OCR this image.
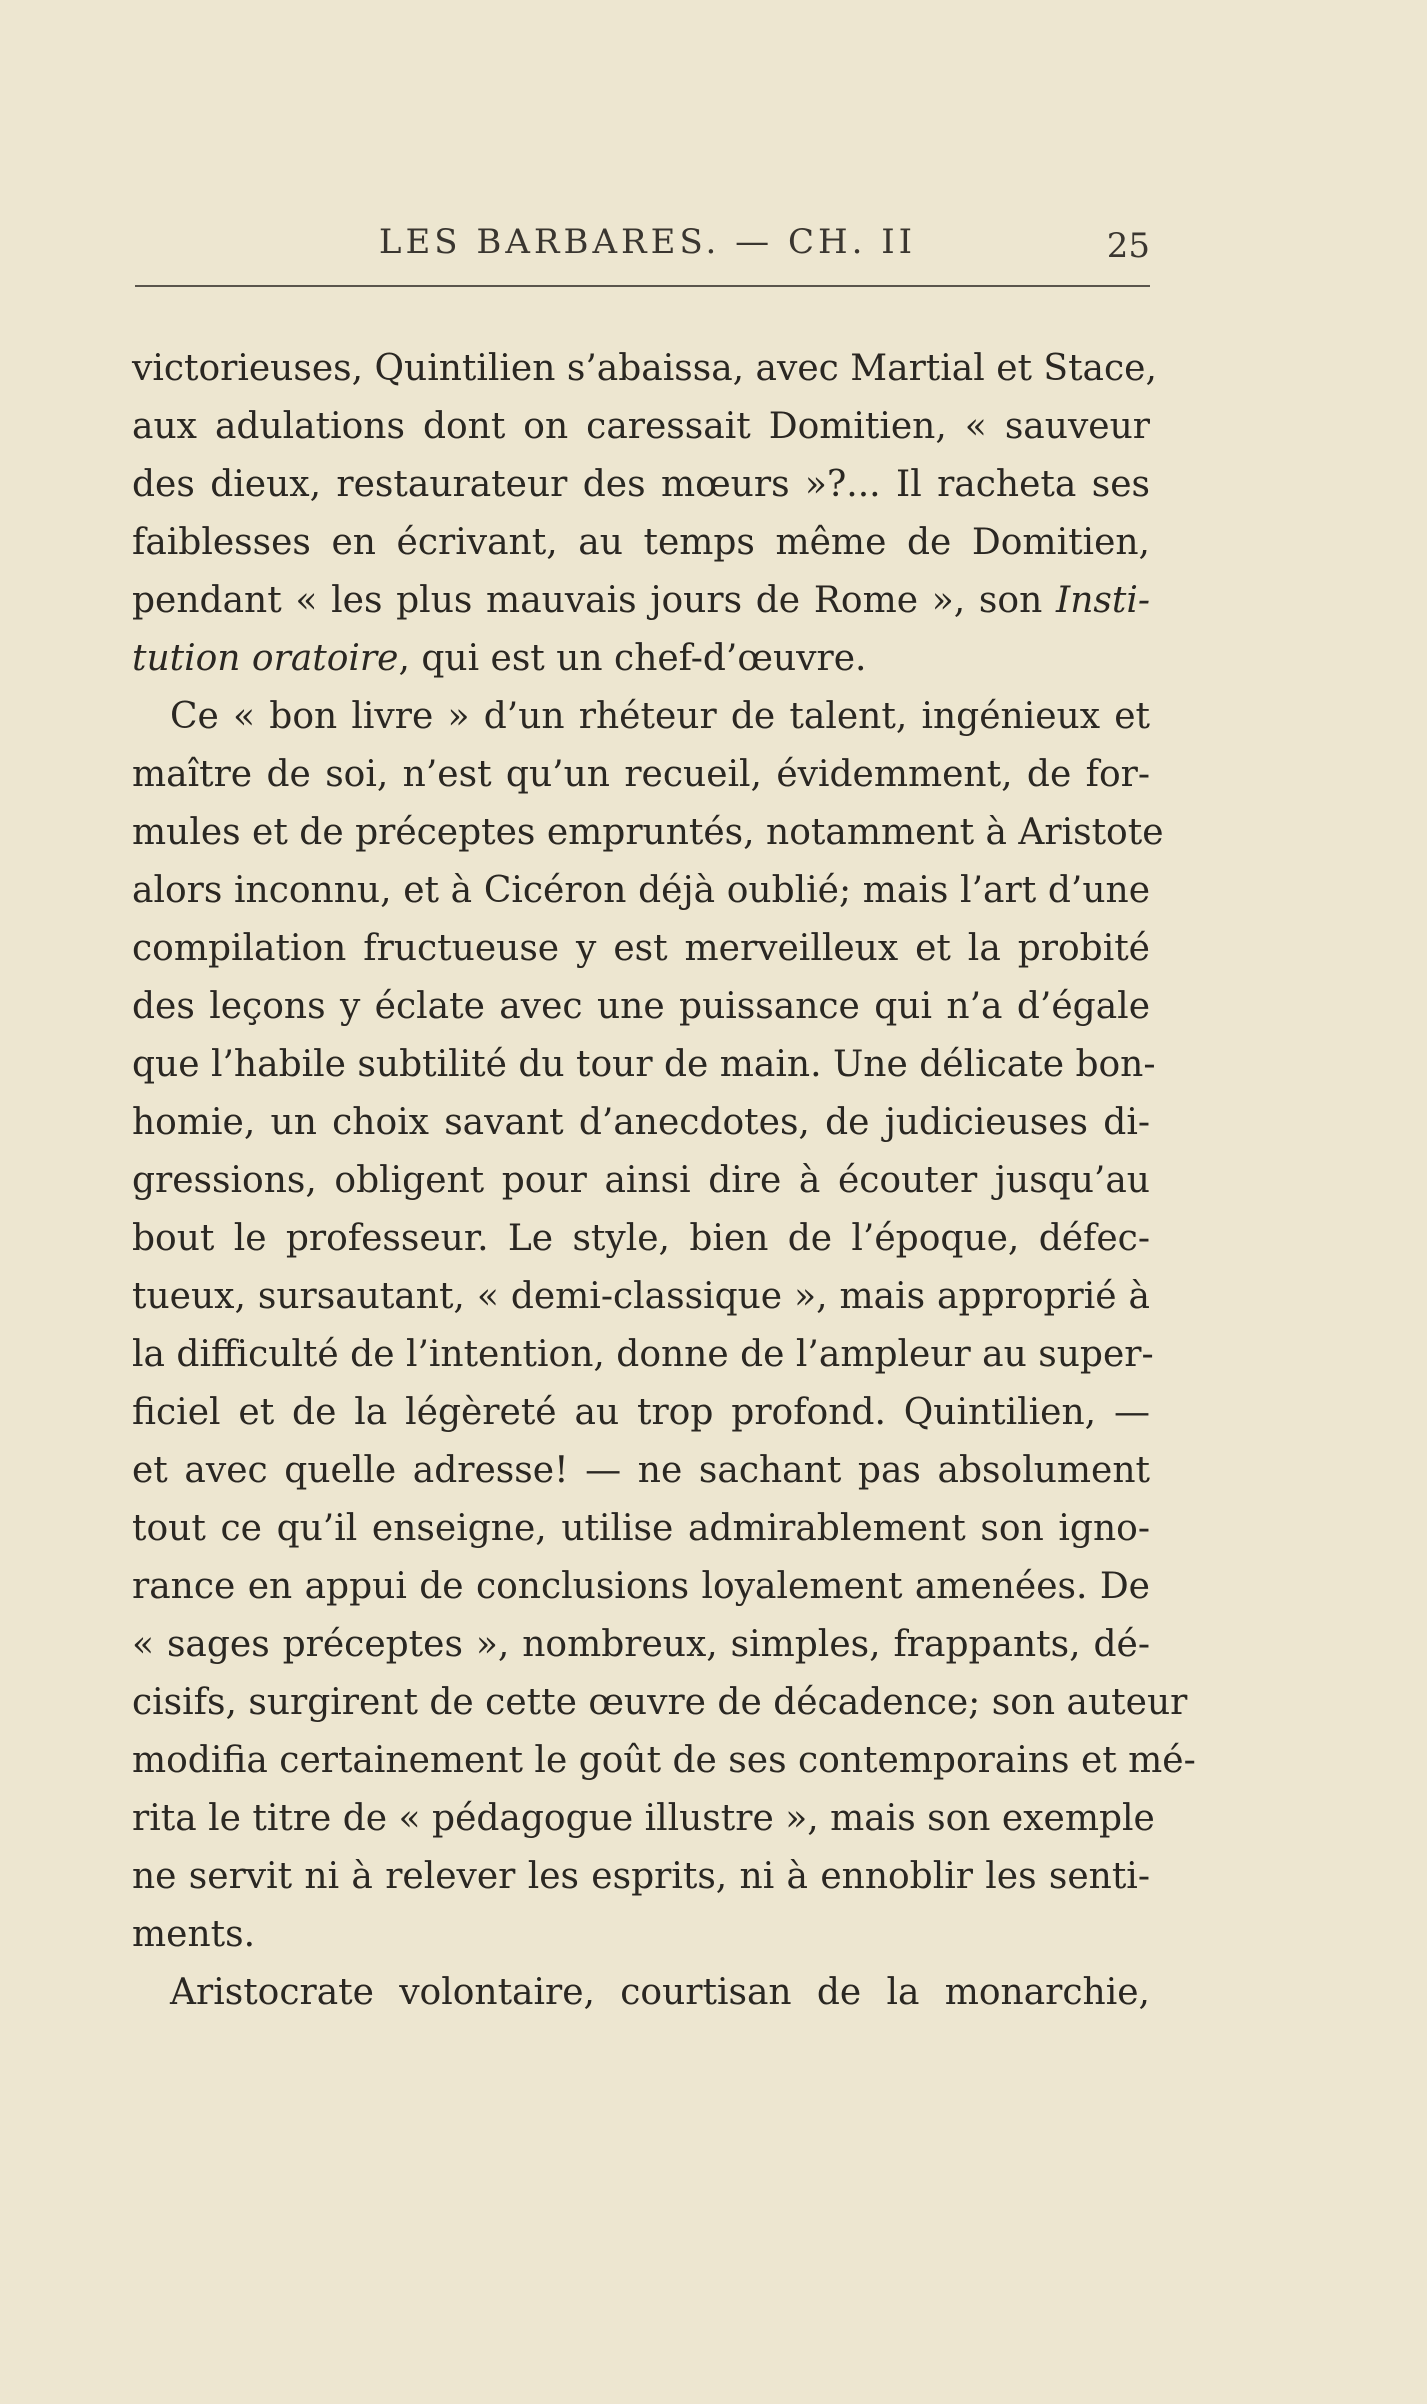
LES BARBARES. — CH. II	25
victorieuses, Quintilien s’abaissa, avec Martial et Stace,
aux adulations dont on caressait Domitien, « sauveur
des dieux, restaurateur des mœurs »?... Il racheta ses
faiblesses en écrivant, au temps même de Domitien,
pendant « les plus mauvais jours de Rome », son Insti-
tution oratoire, qui est un chef-d’œuvre.
Ce « bon livre » d’un rhéteur de talent, ingénieux et
maître de soi, n’est qu’un recueil, évidemment, de for-
mules et de préceptes empruntés, notamment à Aristote
alors inconnu, et à Cicéron déjà oublié; mais l’art d’une
compilation fructueuse y est merveilleux et la probité
des leçons y éclate avec une puissance qui n’a d’égale
que l’habile subtilité du tour de main. Une délicate bon-
homie, un choix savant d’anecdotes, de judicieuses di-
gressions, obligent pour ainsi dire à écouter jusqu’au
bout le professeur. Le style, bien de l’époque, défec-
tueux, sursautant, « demi-classique », mais approprié à
la difficulté de l’intention, donne de l’ampleur au super-
ficiel et de la légèreté au trop profond. Quintilien, —
et avec quelle adresse! — ne sachant pas absolument
tout ce qu’il enseigne, utilise admirablement son igno-
rance en appui de conclusions loyalement amenées. De
« sages préceptes », nombreux, simples, frappants, dé-
cisifs, surgirent de cette œuvre de décadence; son auteur
modifia certainement le goût de ses contemporains et mé-
rita le titre de « pédagogue illustre », mais son exemple
ne servit ni à relever les esprits, ni à ennoblir les senti-
ments.
Aristocrate volontaire, courtisan de la monarchie,
